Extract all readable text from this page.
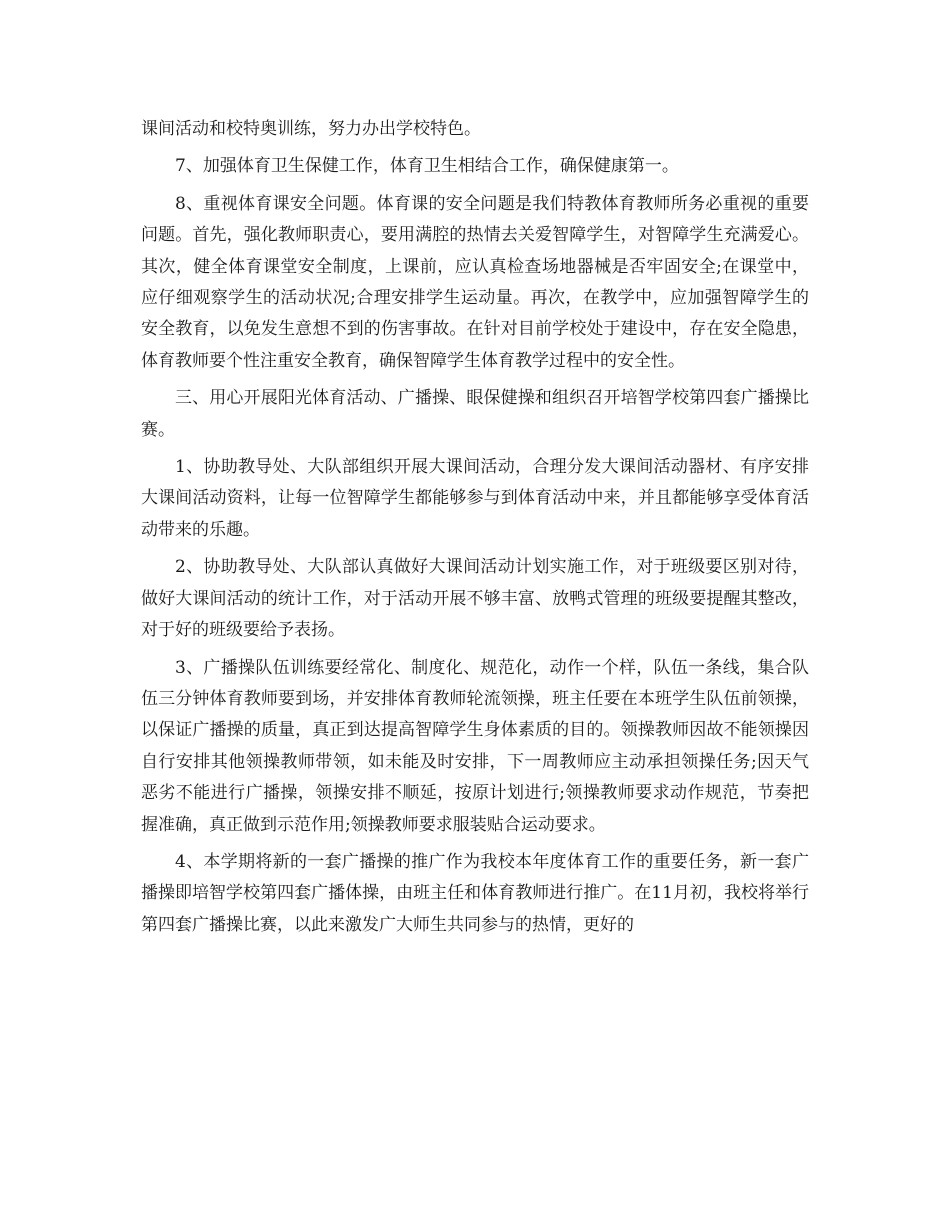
课间活动和校特奥训练，努力办出学校特色。

7、加强体育卫生保健工作，体育卫生相结合工作，确保健康第一。

8、重视体育课安全问题。体育课的安全问题是我们特教体育教师所务必重视的重要问题。首先，强化教师职责心，要用满腔的热情去关爱智障学生，对智障学生充满爱心。其次，健全体育课堂安全制度，上课前，应认真检查场地器械是否牢固安全;在课堂中，应仔细观察学生的活动状况;合理安排学生运动量。再次，在教学中，应加强智障学生的安全教育，以免发生意想不到的伤害事故。在针对目前学校处于建设中，存在安全隐患，体育教师要个性注重安全教育，确保智障学生体育教学过程中的安全性。

三、用心开展阳光体育活动、广播操、眼保健操和组织召开培智学校第四套广播操比赛。

1、协助教导处、大队部组织开展大课间活动，合理分发大课间活动器材、有序安排大课间活动资料，让每一位智障学生都能够参与到体育活动中来，并且都能够享受体育活动带来的乐趣。

2、协助教导处、大队部认真做好大课间活动计划实施工作，对于班级要区别对待，做好大课间活动的统计工作，对于活动开展不够丰富、放鸭式管理的班级要提醒其整改，对于好的班级要给予表扬。

3、广播操队伍训练要经常化、制度化、规范化，动作一个样，队伍一条线，集合队伍三分钟体育教师要到场，并安排体育教师轮流领操，班主任要在本班学生队伍前领操，以保证广播操的质量，真正到达提高智障学生身体素质的目的。领操教师因故不能领操因自行安排其他领操教师带领，如未能及时安排，下一周教师应主动承担领操任务;因天气恶劣不能进行广播操，领操安排不顺延，按原计划进行;领操教师要求动作规范，节奏把握准确，真正做到示范作用;领操教师要求服装贴合运动要求。

4、本学期将新的一套广播操的推广作为我校本年度体育工作的重要任务，新一套广播操即培智学校第四套广播体操，由班主任和体育教师进行推广。在11月初，我校将举行第四套广播操比赛，以此来激发广大师生共同参与的热情，更好的
